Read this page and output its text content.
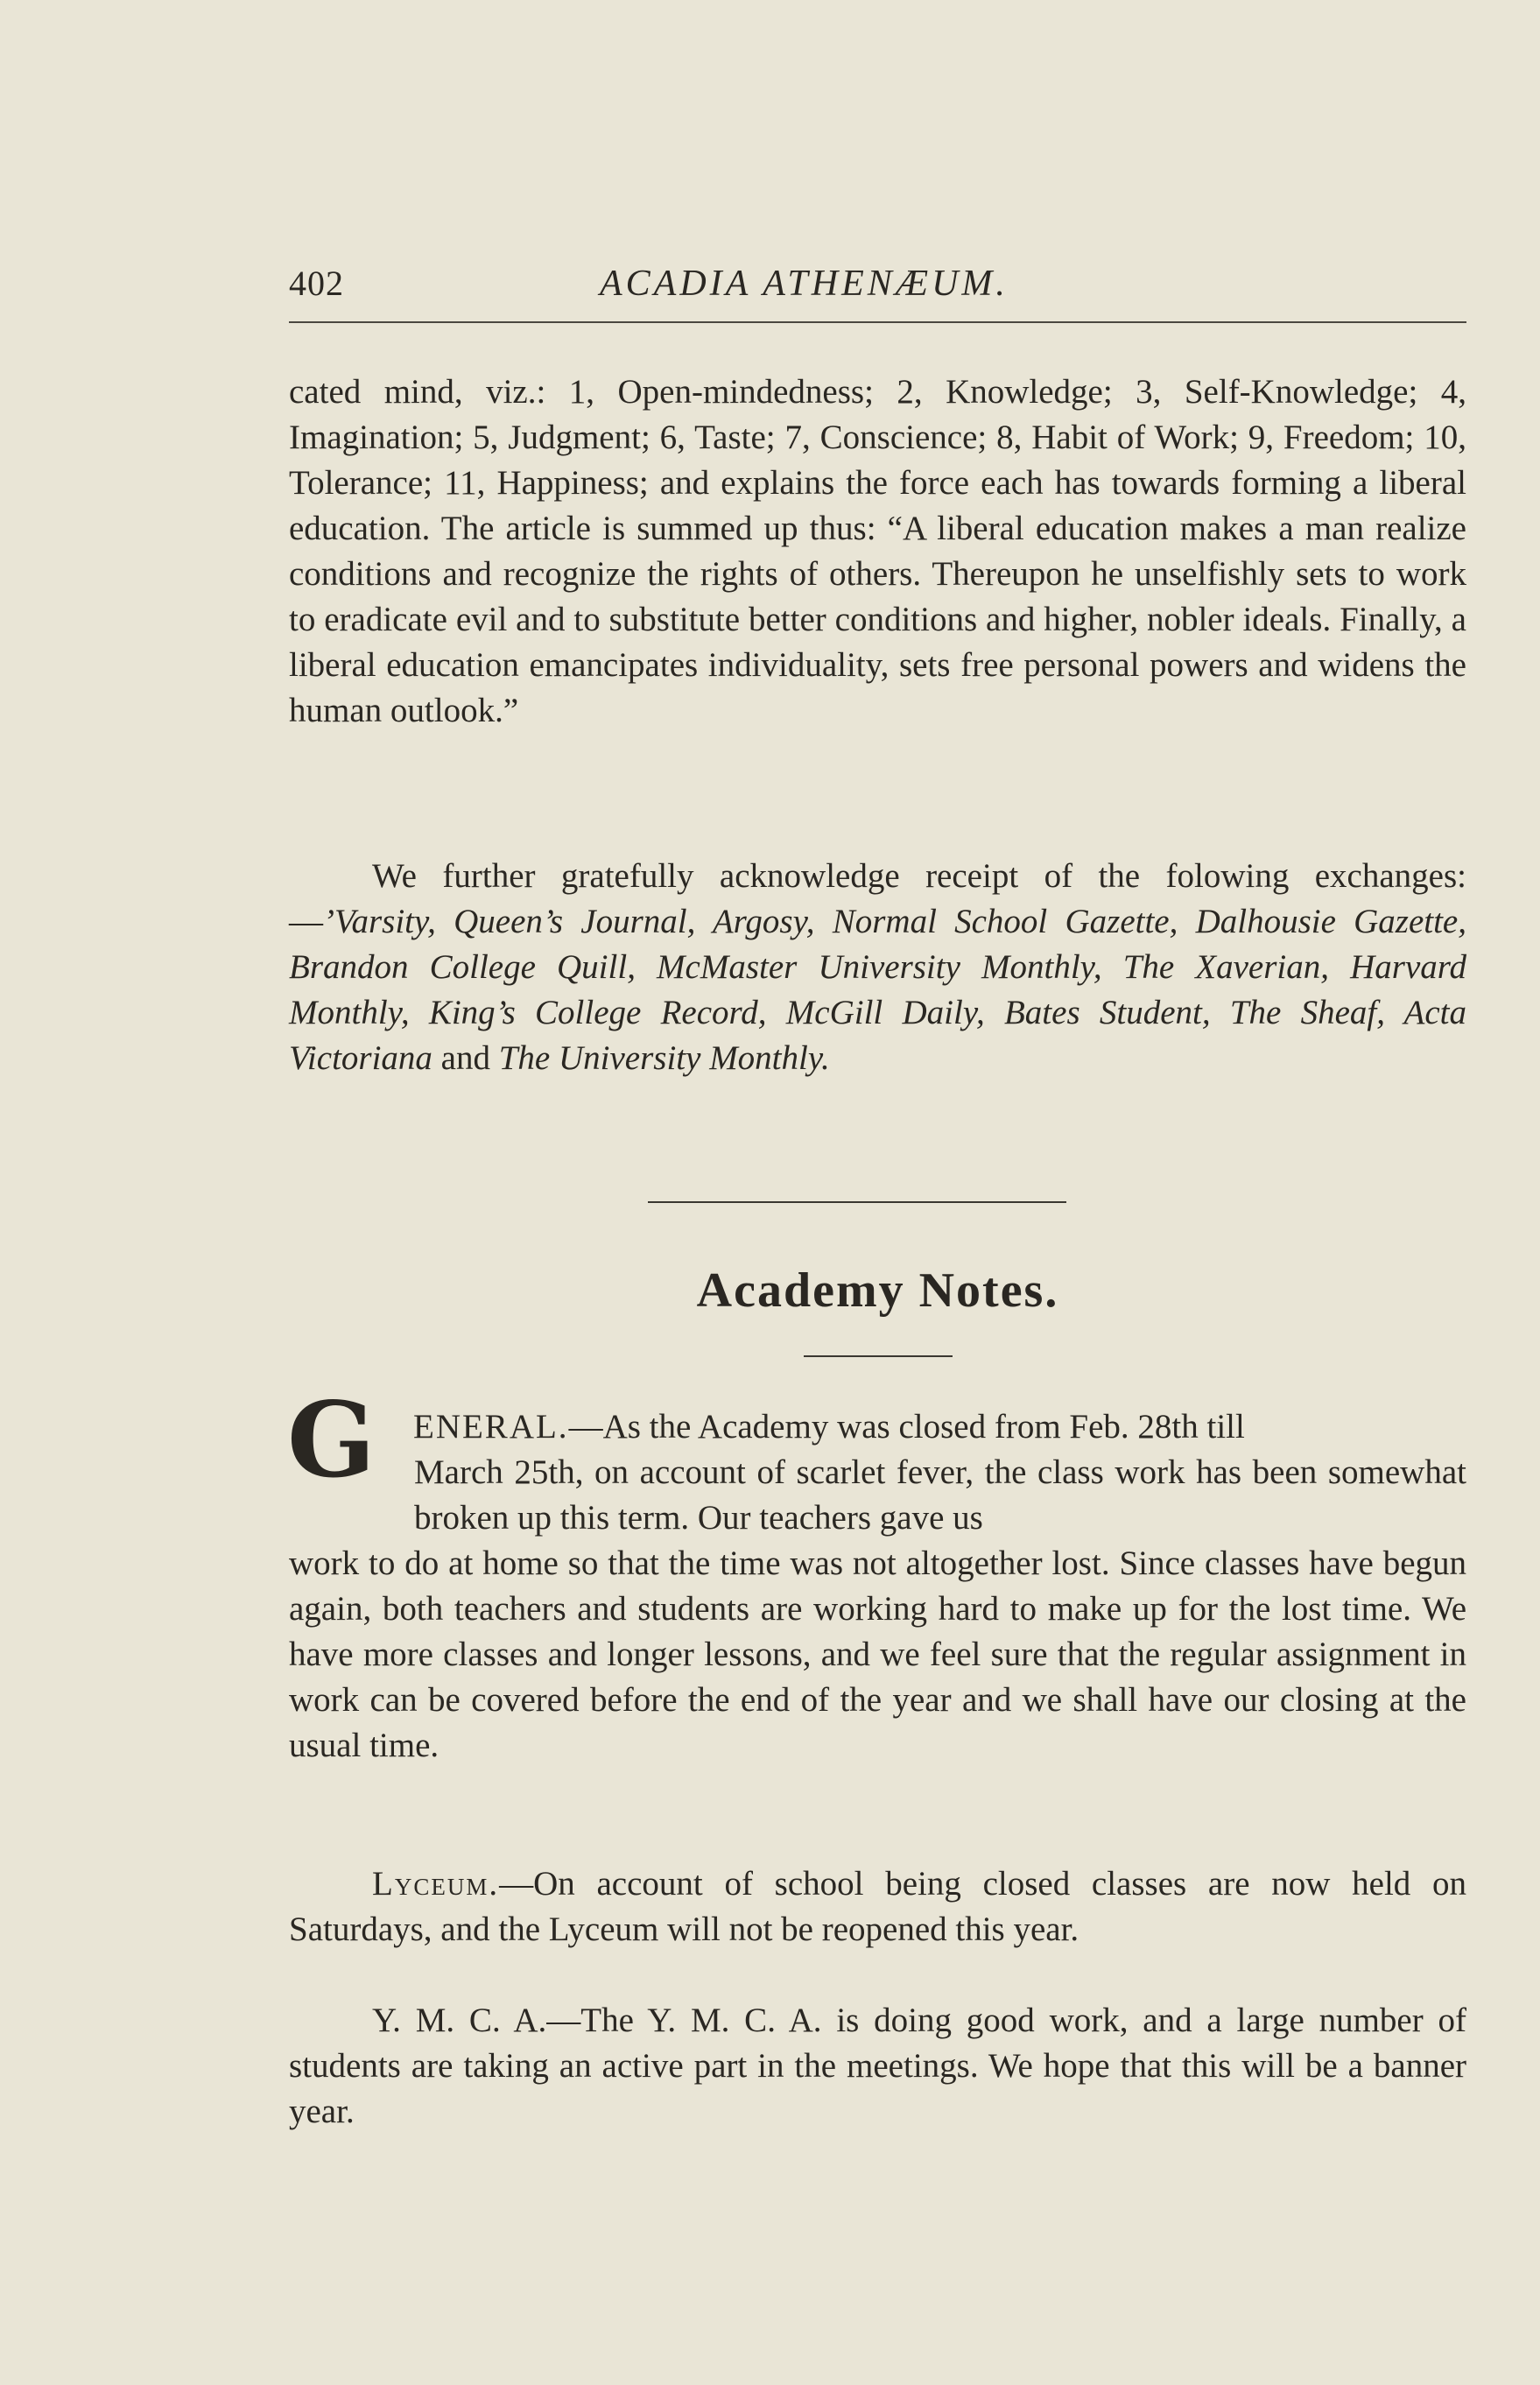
402	ACADIA ATHENÆUM.
cated mind, viz.: 1, Open-mindedness; 2, Knowledge; 3, Self-Knowledge; 4, Imagination; 5, Judgment; 6, Taste; 7, Conscience; 8, Habit of Work; 9, Freedom; 10, Tolerance; 11, Happiness; and explains the force each has towards forming a liberal education. The article is summed up thus: “A liberal education makes a man realize conditions and recognize the rights of others. Thereupon he unselfishly sets to work to eradicate evil and to substitute better conditions and higher, nobler ideals. Finally, a liberal education emancipates individuality, sets free personal powers and widens the human outlook.”
We further gratefully acknowledge receipt of the folowing exchanges:—’Varsity, Queen’s Journal, Argosy, Normal School Gazette, Dalhousie Gazette, Brandon College Quill, McMaster University Monthly, The Xaverian, Harvard Monthly, King’s College Record, McGill Daily, Bates Student, The Sheaf, Acta Victoriana and The University Monthly.
Academy Notes.
G	ENERAL.—As the Academy was closed from Feb. 28th till
March 25th, on account of scarlet fever, the class work has been somewhat broken up this term. Our teachers gave us
work to do at home so that the time was not altogether lost. Since classes have begun again, both teachers and students are working hard to make up for the lost time. We have more classes and longer lessons, and we feel sure that the regular assignment in work can be covered before the end of the year and we shall have our closing at the usual time.
Lyceum.—On account of school being closed classes are now held on Saturdays, and the Lyceum will not be reopened this year.
Y. M. C. A.—The Y. M. C. A. is doing good work, and a large number of students are taking an active part in the meetings. We hope that this will be a banner year.
